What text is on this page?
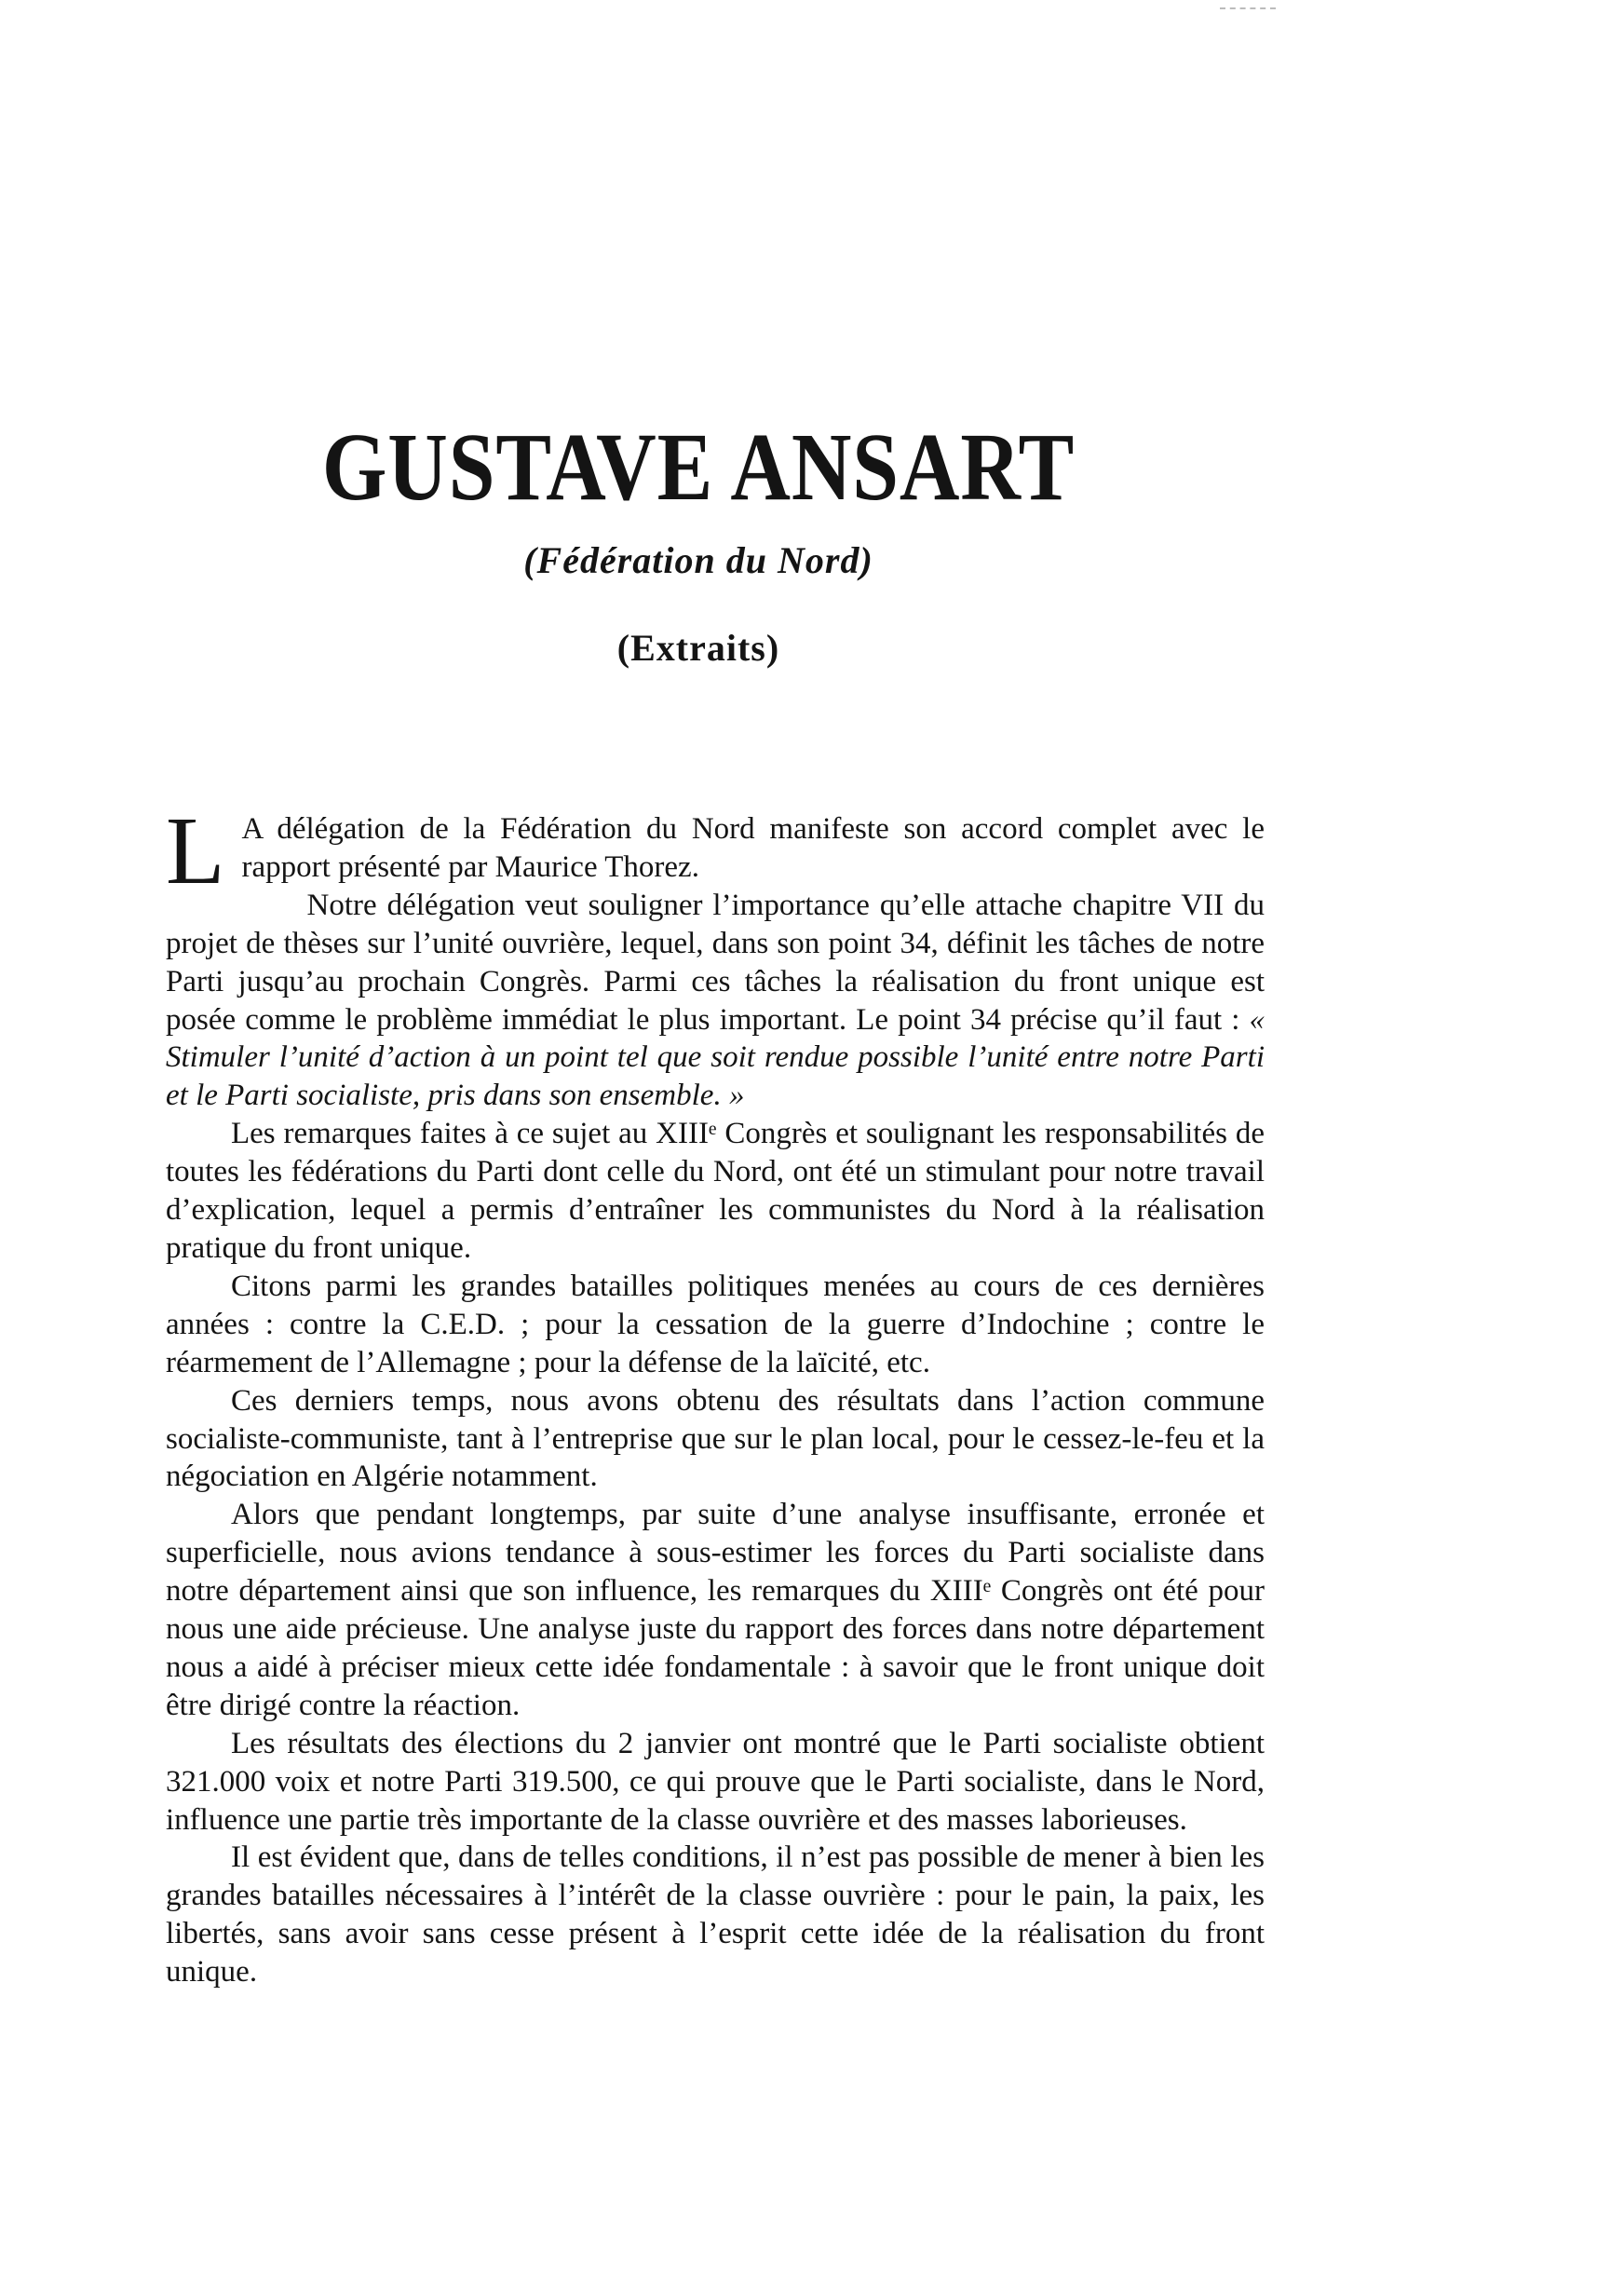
GUSTAVE ANSART
(Fédération du Nord)
(Extraits)

L A délégation de la Fédération du Nord manifeste son accord complet avec le rapport présenté par Maurice Thorez.

Notre délégation veut souligner l’importance qu’elle attache chapitre VII du projet de thèses sur l’unité ouvrière, lequel, dans son point 34, définit les tâches de notre Parti jusqu’au prochain Congrès. Parmi ces tâches la réalisation du front unique est posée comme le problème immédiat le plus important. Le point 34 précise qu’il faut : « Stimuler l’unité d’action à un point tel que soit rendue possible l’unité entre notre Parti et le Parti socialiste, pris dans son ensemble. »

Les remarques faites à ce sujet au XIIIᵉ Congrès et soulignant les responsabilités de toutes les fédérations du Parti dont celle du Nord, ont été un stimulant pour notre travail d’explication, lequel a permis d’entraîner les communistes du Nord à la réalisation pratique du front unique.

Citons parmi les grandes batailles politiques menées au cours de ces dernières années : contre la C.E.D. ; pour la cessation de la guerre d’Indochine ; contre le réarmement de l’Allemagne ; pour la défense de la laïcité, etc.

Ces derniers temps, nous avons obtenu des résultats dans l’action commune socialiste-communiste, tant à l’entreprise que sur le plan local, pour le cessez-le-feu et la négociation en Algérie notamment.

Alors que pendant longtemps, par suite d’une analyse insuffisante, erronée et superficielle, nous avions tendance à sous-estimer les forces du Parti socialiste dans notre département ainsi que son influence, les remarques du XIIIᵉ Congrès ont été pour nous une aide précieuse. Une analyse juste du rapport des forces dans notre département nous a aidé à préciser mieux cette idée fondamentale : à savoir que le front unique doit être dirigé contre la réaction.

Les résultats des élections du 2 janvier ont montré que le Parti socialiste obtient 321.000 voix et notre Parti 319.500, ce qui prouve que le Parti socialiste, dans le Nord, influence une partie très importante de la classe ouvrière et des masses laborieuses.

Il est évident que, dans de telles conditions, il n’est pas possible de mener à bien les grandes batailles nécessaires à l’intérêt de la classe ouvrière : pour le pain, la paix, les libertés, sans avoir sans cesse présent à l’esprit cette idée de la réalisation du front unique.
